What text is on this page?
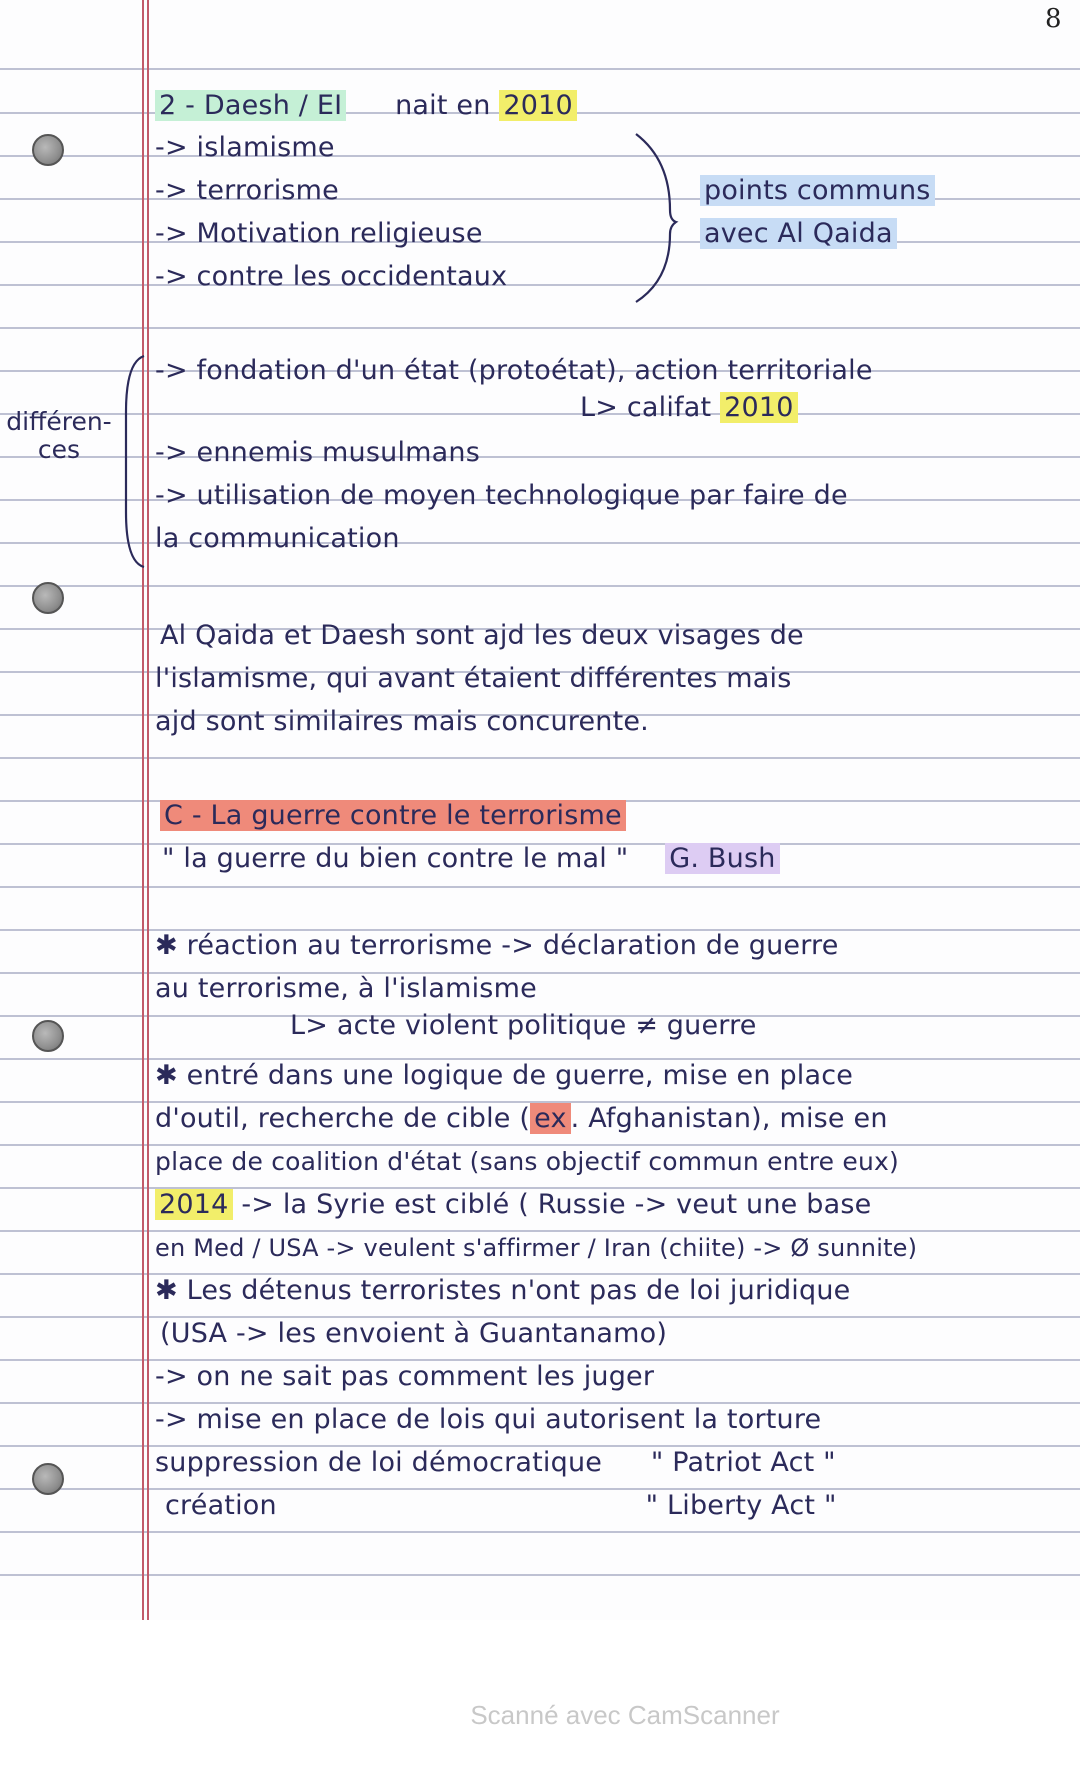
8
2 - Daesh / EI nait en 2010
-> islamisme
-> terrorisme
-> Motivation religieuse
-> contre les occidentaux
points communs
avec Al Qaida
différen- ces
-> fondation d'un état (protoétat), action territoriale
L> califat 2010
-> ennemis musulmans
-> utilisation de moyen technologique par faire de
la communication
Al Qaida et Daesh sont ajd les deux visages de
l'islamisme, qui avant étaient différentes mais
ajd sont similaires mais concurente.
C - La guerre contre le terrorisme
" la guerre du bien contre le mal " G. Bush
✱ réaction au terrorisme -> déclaration de guerre
au terrorisme, à l'islamisme
L> acte violent politique ≠ guerre
✱ entré dans une logique de guerre, mise en place
d'outil, recherche de cible ( ex . Afghanistan), mise en
place de coalition d'état (sans objectif commun entre eux)
2014 -> la Syrie est ciblé ( Russie -> veut une base
en Med / USA -> veulent s'affirmer / Iran (chiite) -> Ø sunnite)
✱ Les détenus terroristes n'ont pas de loi juridique
(USA -> les envoient à Guantanamo)
-> on ne sait pas comment les juger
-> mise en place de lois qui autorisent la torture
suppression de loi démocratique " Patriot Act "
création	" Liberty Act "
Scanné avec CamScanner
